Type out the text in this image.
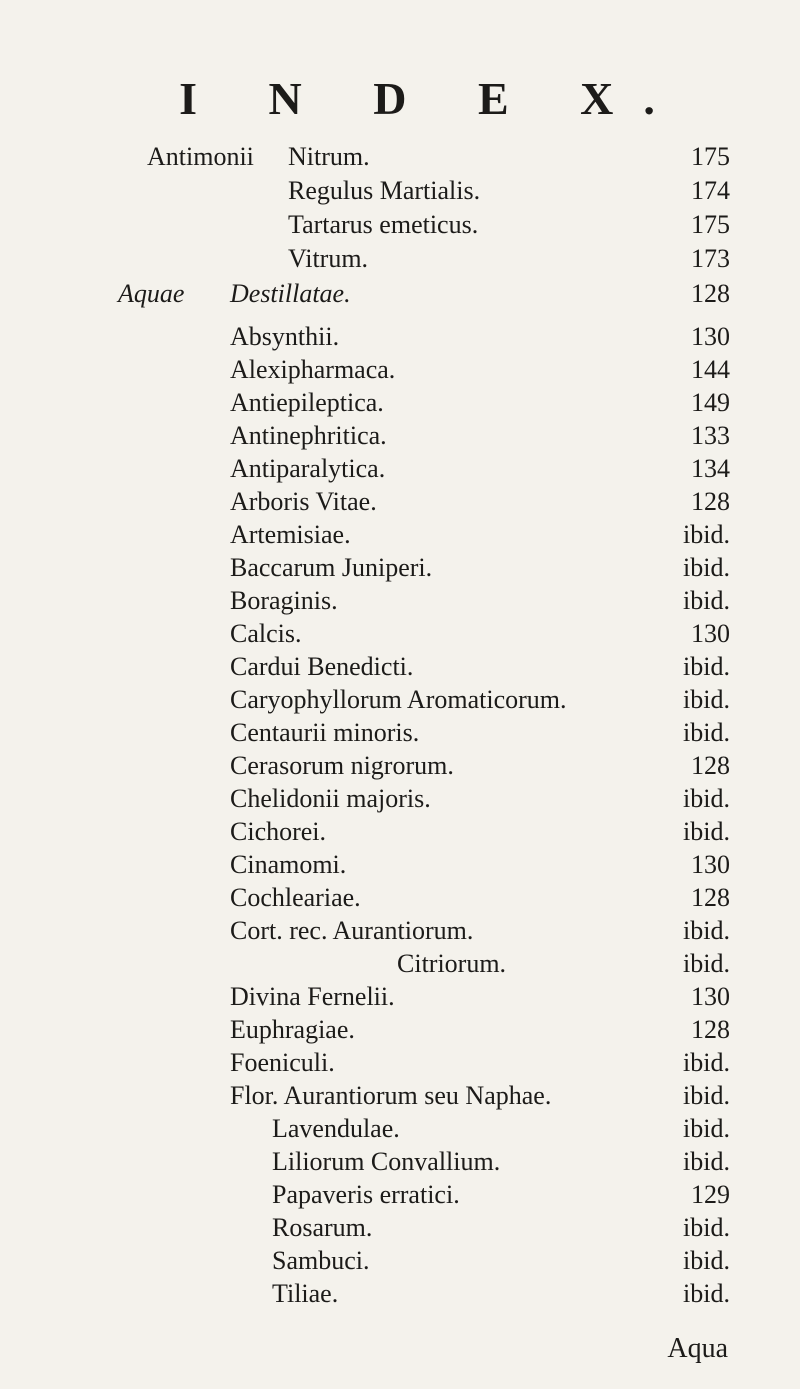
I N D E X.
Antimonii Nitrum.	175
Regulus Martialis.	174
Tartarus emeticus.	175
Vitrum.	173
Aquae Destillatae.	128
Absynthii.	130
Alexipharmaca.	144
Antiepileptica.	149
Antinephritica.	133
Antiparalytica.	134
Arboris Vitae.	128
Artemisiae.	ibid.
Baccarum Juniperi.	ibid.
Boraginis.	ibid.
Calcis.	130
Cardui Benedicti.	ibid.
Caryophyllorum Aromaticorum.	ibid.
Centaurii minoris.	ibid.
Cerasorum nigrorum.	128
Chelidonii majoris.	ibid.
Cichorei.	ibid.
Cinamomi.	130
Cochleariae.	128
Cort. rec. Aurantiorum.	ibid.
Citriorum.	ibid.
Divina Fernelii.	130
Euphragiae.	128
Foeniculi.	ibid.
Flor. Aurantiorum seu Naphae.	ibid.
Lavendulae.	ibid.
Liliorum Convallium.	ibid.
Papaveris erratici.	129
Rosarum.	ibid.
Sambuci.	ibid.
Tiliae.	ibid.
Aqua
